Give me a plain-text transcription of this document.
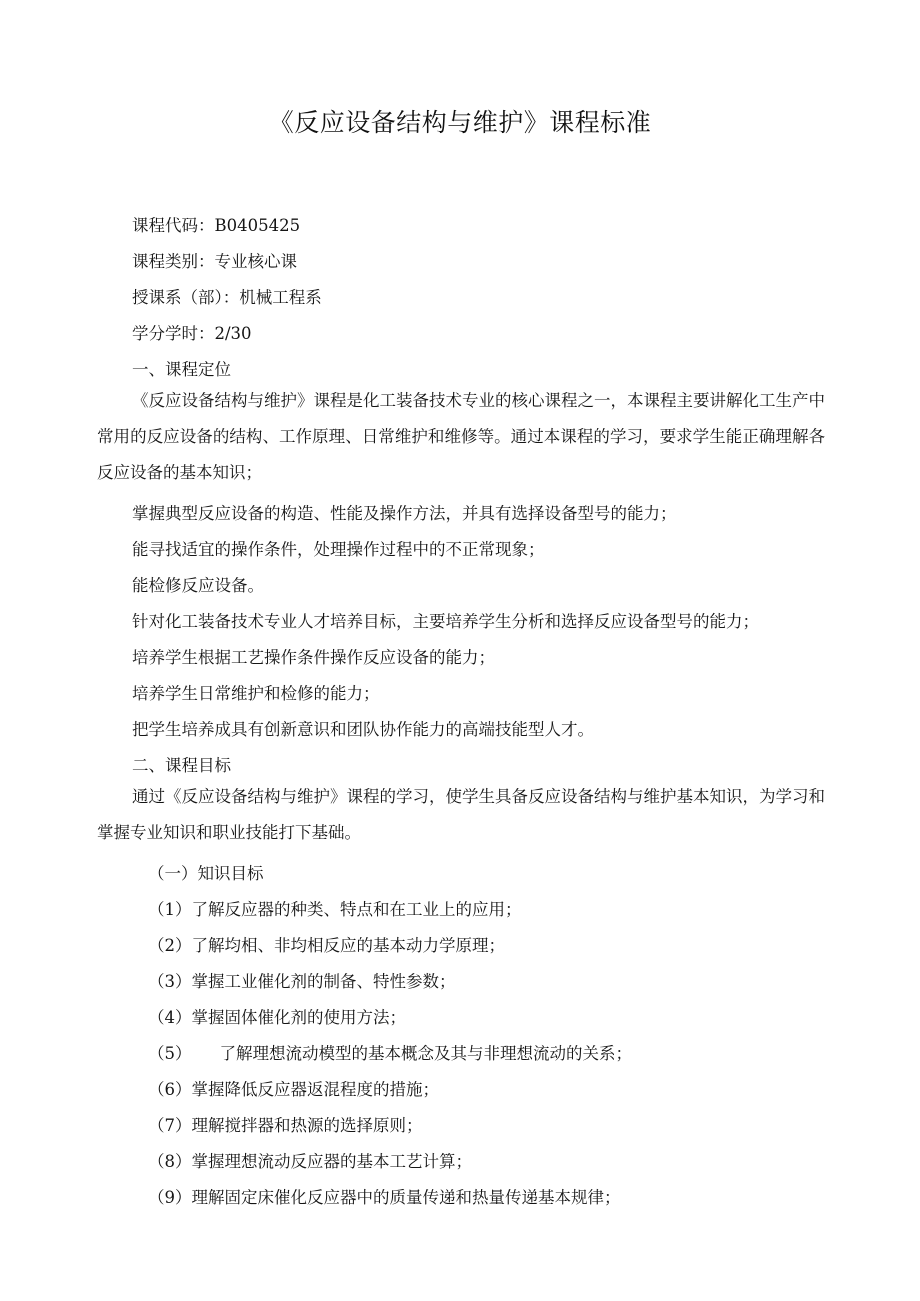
《反应设备结构与维护》课程标准
课程代码：B0405425
课程类别：专业核心课
授课系（部）：机械工程系
学分学时：2/30
一、课程定位
《反应设备结构与维护》课程是化工装备技术专业的核心课程之一，本课程主要讲解化工生产中常用的反应设备的结构、工作原理、日常维护和维修等。通过本课程的学习，要求学生能正确理解各反应设备的基本知识；
掌握典型反应设备的构造、性能及操作方法，并具有选择设备型号的能力；
能寻找适宜的操作条件，处理操作过程中的不正常现象；
能检修反应设备。
针对化工装备技术专业人才培养目标，主要培养学生分析和选择反应设备型号的能力；
培养学生根据工艺操作条件操作反应设备的能力；
培养学生日常维护和检修的能力；
把学生培养成具有创新意识和团队协作能力的高端技能型人才。
二、课程目标
通过《反应设备结构与维护》课程的学习，使学生具备反应设备结构与维护基本知识，为学习和掌握专业知识和职业技能打下基础。
（一）知识目标
（1）了解反应器的种类、特点和在工业上的应用；
（2）了解均相、非均相反应的基本动力学原理；
（3）掌握工业催化剂的制备、特性参数；
（4）掌握固体催化剂的使用方法；
（5） 了解理想流动模型的基本概念及其与非理想流动的关系；
（6）掌握降低反应器返混程度的措施；
（7）理解搅拌器和热源的选择原则；
（8）掌握理想流动反应器的基本工艺计算；
（9）理解固定床催化反应器中的质量传递和热量传递基本规律；
